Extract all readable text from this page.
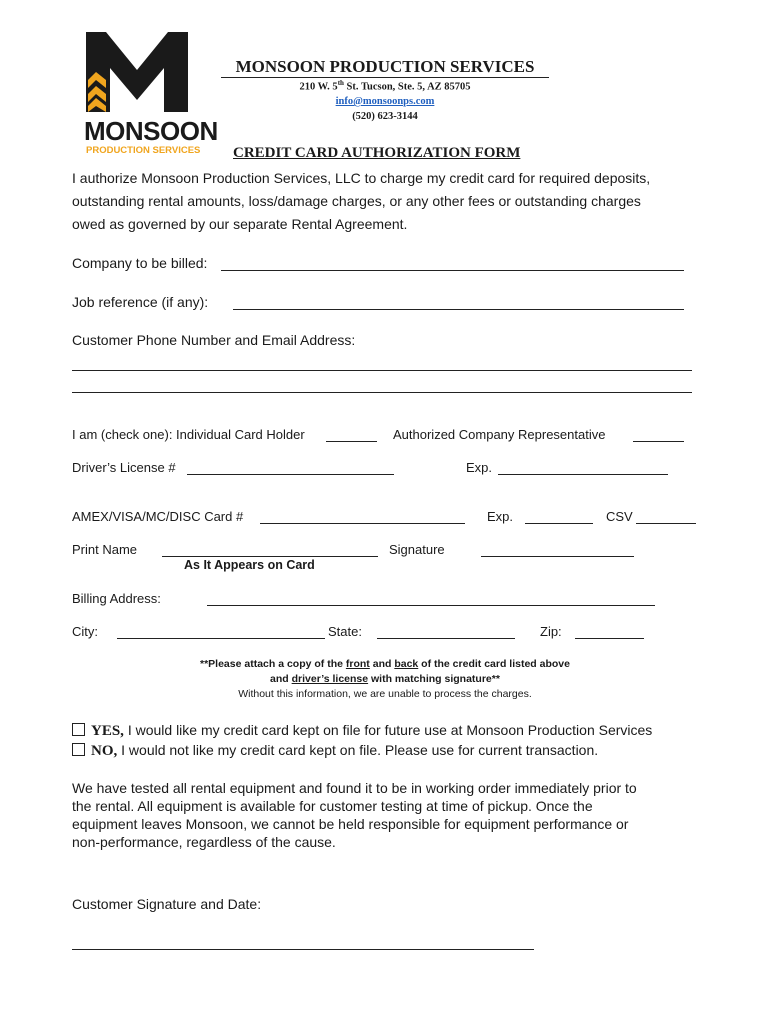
MONSOON
PRODUCTION SERVICES
MONSOON PRODUCTION SERVICES
210 W. 5th St. Tucson, Ste. 5, AZ 85705
info@monsoonps.com
(520) 623-3144
CREDIT CARD AUTHORIZATION FORM
I authorize Monsoon Production Services, LLC to charge my credit card for required deposits,
outstanding rental amounts, loss/damage charges, or any other fees or outstanding charges
owed as governed by our separate Rental Agreement.
Company to be billed:
Job reference (if any):
Customer Phone Number and Email Address:
I am (check one): Individual Card Holder	Authorized Company Representative
Driver’s License #	Exp.
AMEX/VISA/MC/DISC Card #	Exp.	CSV
Print Name	Signature
As It Appears on Card
Billing Address:
City:	State:	Zip:
**Please attach a copy of the front and back of the credit card listed above
and driver’s license with matching signature**
Without this information, we are unable to process the charges.
YES, I would like my credit card kept on file for future use at Monsoon Production Services
NO, I would not like my credit card kept on file. Please use for current transaction.
We have tested all rental equipment and found it to be in working order immediately prior to
the rental. All equipment is available for customer testing at time of pickup. Once the
equipment leaves Monsoon, we cannot be held responsible for equipment performance or
non-performance, regardless of the cause.
Customer Signature and Date:
